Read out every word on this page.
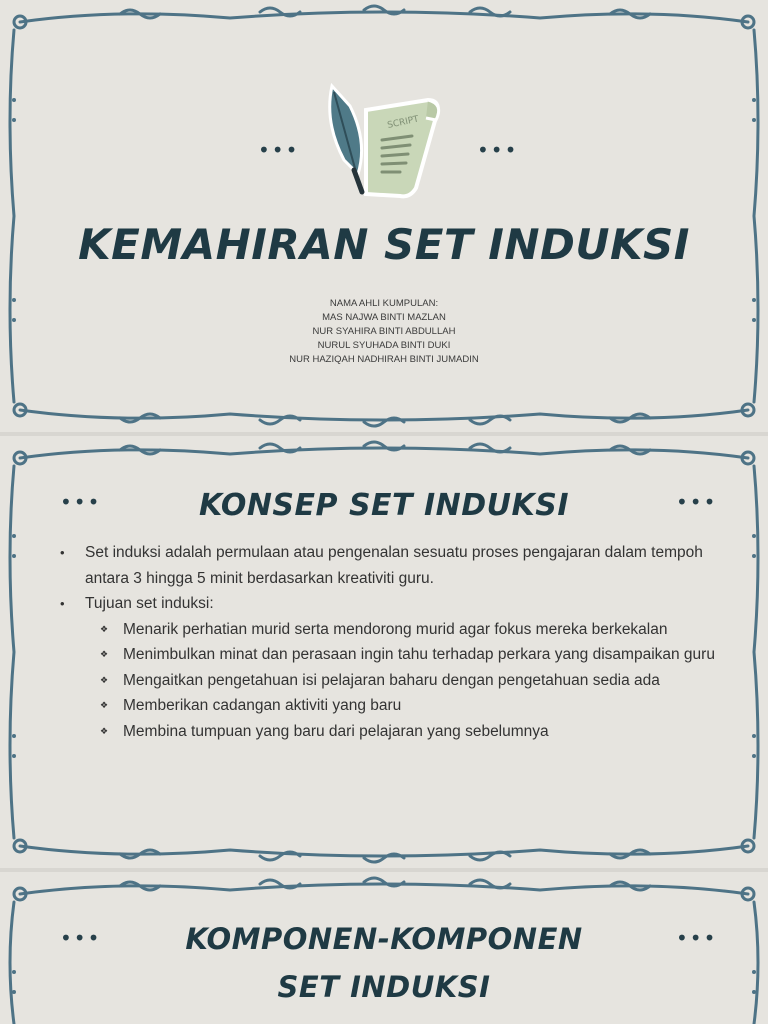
•••	•••
SCRIPT
KEMAHIRAN SET INDUKSI
NAMA AHLI KUMPULAN:
MAS NAJWA BINTI MAZLAN
NUR SYAHIRA BINTI ABDULLAH
NURUL SYUHADA BINTI DUKI
NUR HAZIQAH NADHIRAH BINTI JUMADIN
•••	•••
KONSEP SET INDUKSI
• Set induksi adalah permulaan atau pengenalan sesuatu proses pengajaran dalam tempoh antara 3 hingga 5 minit berdasarkan kreativiti guru.
• Tujuan set induksi:
❖ Menarik perhatian murid serta mendorong murid agar fokus mereka berkekalan
❖ Menimbulkan minat dan perasaan ingin tahu terhadap perkara yang disampaikan guru
❖ Mengaitkan pengetahuan isi pelajaran baharu dengan pengetahuan sedia ada
❖ Memberikan cadangan aktiviti yang baru
❖ Membina tumpuan yang baru dari pelajaran yang sebelumnya
•••	•••
KOMPONEN-KOMPONEN
SET INDUKSI
